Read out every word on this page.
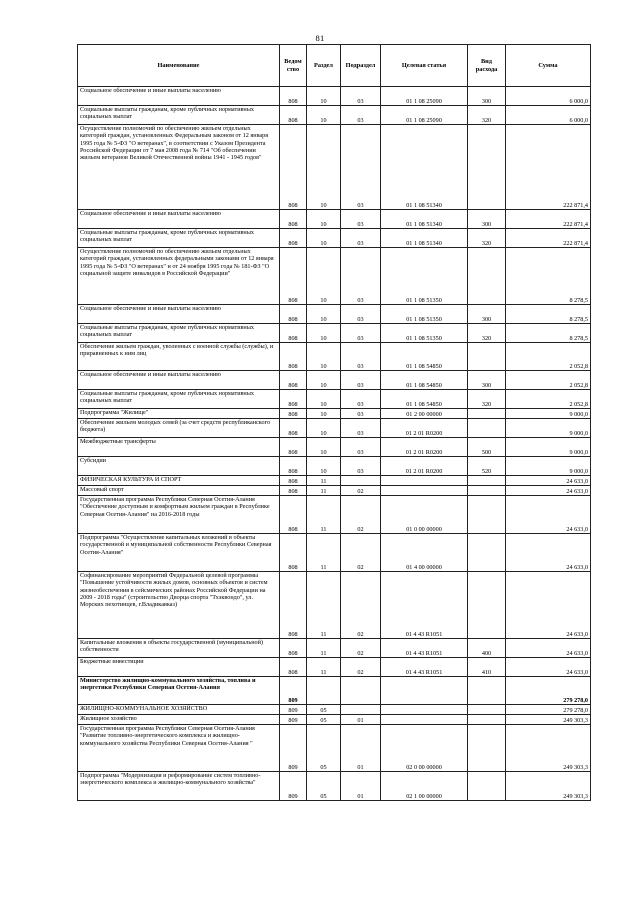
81
Наименование	Ведом ство	Раздел	Подраздел	Целевая статья	Вид расхода	Сумма
Социальное обеспечение и иные выплаты населению	808	10	03	01 1 08 25090	300	6 000,0
Социальные выплаты гражданам, кроме публичных нормативных социальных выплат	808	10	03	01 1 08 25090	320	6 000,0
Осуществление полномочий по обеспечению жильем отдельных категорий граждан, установленных Федеральным законом от 12 января 1995 года № 5-ФЗ "О ветеранах", в соответствии с Указом Президента Российской Федерации от 7 мая 2008 года № 714 "Об обеспечении жильем ветеранов Великой Отечественной войны 1941 - 1945 годов"	808	10	03	01 1 08 51340		222 871,4
Социальное обеспечение и иные выплаты населению	808	10	03	01 1 08 51340	300	222 871,4
Социальные выплаты гражданам, кроме публичных нормативных социальных выплат	808	10	03	01 1 08 51340	320	222 871,4
Осуществление полномочий по обеспечению жильем отдельных категорий граждан, установленных федеральными законами от 12 января 1995 года № 5-ФЗ "О ветеранах" и от 24 ноября 1995 года № 181-ФЗ "О социальной защите инвалидов в Российской Федерации"	808	10	03	01 1 08 51350		8 278,5
Социальное обеспечение и иные выплаты населению	808	10	03	01 1 08 51350	300	8 278,5
Социальные выплаты гражданам, кроме публичных нормативных социальных выплат	808	10	03	01 1 08 51350	320	8 278,5
Обеспечение жильем граждан, уволенных с военной службы (службы), и приравненных к ним лиц	808	10	03	01 1 08 54850		2 052,8
Социальное обеспечение и иные выплаты населению	808	10	03	01 1 08 54850	300	2 052,8
Социальные выплаты гражданам, кроме публичных нормативных социальных выплат	808	10	03	01 1 08 54850	320	2 052,8
Подпрограмма "Жилище"	808	10	03	01 2 00 00000		9 000,0
Обеспечение жильем молодых семей (за счет средств республиканского бюджета)	808	10	03	01 2 01 R0200		9 000,0
Межбюджетные трансферты	808	10	03	01 2 01 R0200	500	9 000,0
Субсидии	808	10	03	01 2 01 R0200	520	9 000,0
ФИЗИЧЕСКАЯ КУЛЬТУРА И СПОРТ	808	11				24 633,0
Массовый спорт	808	11	02			24 633,0
Государственная программа Республики Северная Осетия-Алания "Обеспечение доступным и комфортным жильем граждан в Республике Северная Осетия-Алания" на 2016-2018 годы	808	11	02	01 0 00 00000		24 633,0
Подпрограмма "Осуществление капитальных вложений в объекты государственной и муниципальной собственности Республики Северная Осетия-Алания"	808	11	02	01 4 00 00000		24 633,0
Софинансирование мероприятий Федеральной целевой программы "Повышение устойчивости жилых домов, основных объектов и систем жизнеобеспечения в сейсмических районах Российской Федерации на 2009 - 2018 годы" (строительство Дворца спорта "Тхэквондо", ул. Морских пехотинцев, г.Владикавказ)	808	11	02	01 4 43 R1051		24 633,0
Капитальные вложения в объекты государственной (муниципальной) собственности	808	11	02	01 4 43 R1051	400	24 633,0
Бюджетные инвестиции	808	11	02	01 4 43 R1051	410	24 633,0
Министерство жилищно-коммунального хозяйства, топлива и энергетики Республики Северная Осетия-Алания	809					279 278,0
ЖИЛИЩНО-КОММУНАЛЬНОЕ ХОЗЯЙСТВО	809	05				279 278,0
Жилищное хозяйство	809	05	01			249 303,3
Государственная программа Республики Северная Осетия-Алания "Развитие топливно-энергетического комплекса и жилищно-коммунального хозяйства Республики Северная Осетия-Алания "	809	05	01	02 0 00 00000		249 303,3
Подпрограмма "Модернизация и реформирование систем топливно-энергетического комплекса и жилищно-коммунального хозяйства"	809	05	01	02 1 00 00000		249 303,3
